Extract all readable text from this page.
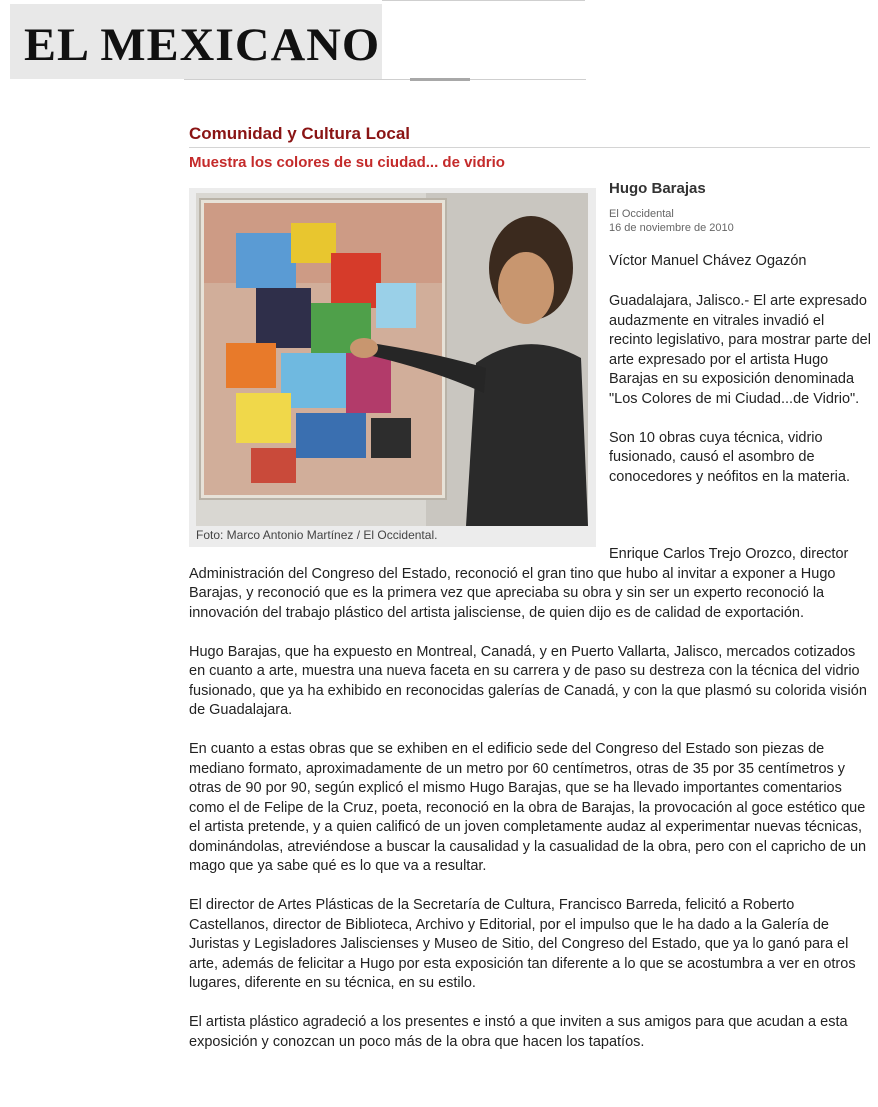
EL MEXICANO
Comunidad y Cultura Local
Muestra los colores de su ciudad... de vidrio
Foto: Marco Antonio Martínez / El Occidental.
Hugo Barajas
El Occidental
16 de noviembre de 2010

Víctor Manuel Chávez Ogazón

Guadalajara, Jalisco.- El arte expresado audazmente en vitrales invadió el recinto legislativo, para mostrar parte del arte expresado por el artista Hugo Barajas en su exposición denominada "Los Colores de mi Ciudad...de Vidrio".

Son 10 obras cuya técnica, vidrio fusionado, causó el asombro de conocedores y neófitos en la materia.

Enrique Carlos Trejo Orozco, director Administración del Congreso del Estado, reconoció el gran tino que hubo al invitar a exponer a Hugo Barajas, y reconoció que es la primera vez que apreciaba su obra y sin ser un experto reconoció la innovación del trabajo plástico del artista jalisciense, de quien dijo es de calidad de exportación.

Hugo Barajas, que ha expuesto en Montreal, Canadá, y en Puerto Vallarta, Jalisco, mercados cotizados en cuanto a arte, muestra una nueva faceta en su carrera y de paso su destreza con la técnica del vidrio fusionado, que ya ha exhibido en reconocidas galerías de Canadá, y con la que plasmó su colorida visión de Guadalajara.

En cuanto a estas obras que se exhiben en el edificio sede del Congreso del Estado son piezas de mediano formato, aproximadamente de un metro por 60 centímetros, otras de 35 por 35 centímetros y otras de 90 por 90, según explicó el mismo Hugo Barajas, que se ha llevado importantes comentarios como el de Felipe de la Cruz, poeta, reconoció en la obra de Barajas, la provocación al goce estético que el artista pretende, y a quien calificó de un joven completamente audaz al experimentar nuevas técnicas, dominándolas, atreviéndose a buscar la causalidad y la casualidad de la obra, pero con el capricho de un mago que ya sabe qué es lo que va a resultar.

El director de Artes Plásticas de la Secretaría de Cultura, Francisco Barreda, felicitó a Roberto Castellanos, director de Biblioteca, Archivo y Editorial, por el impulso que le ha dado a la Galería de Juristas y Legisladores Jaliscienses y Museo de Sitio, del Congreso del Estado, que ya lo ganó para el arte, además de felicitar a Hugo por esta exposición tan diferente a lo que se acostumbra a ver en otros lugares, diferente en su técnica, en su estilo.

El artista plástico agradeció a los presentes e instó a que inviten a sus amigos para que acudan a esta exposición y conozcan un poco más de la obra que hacen los tapatíos.
